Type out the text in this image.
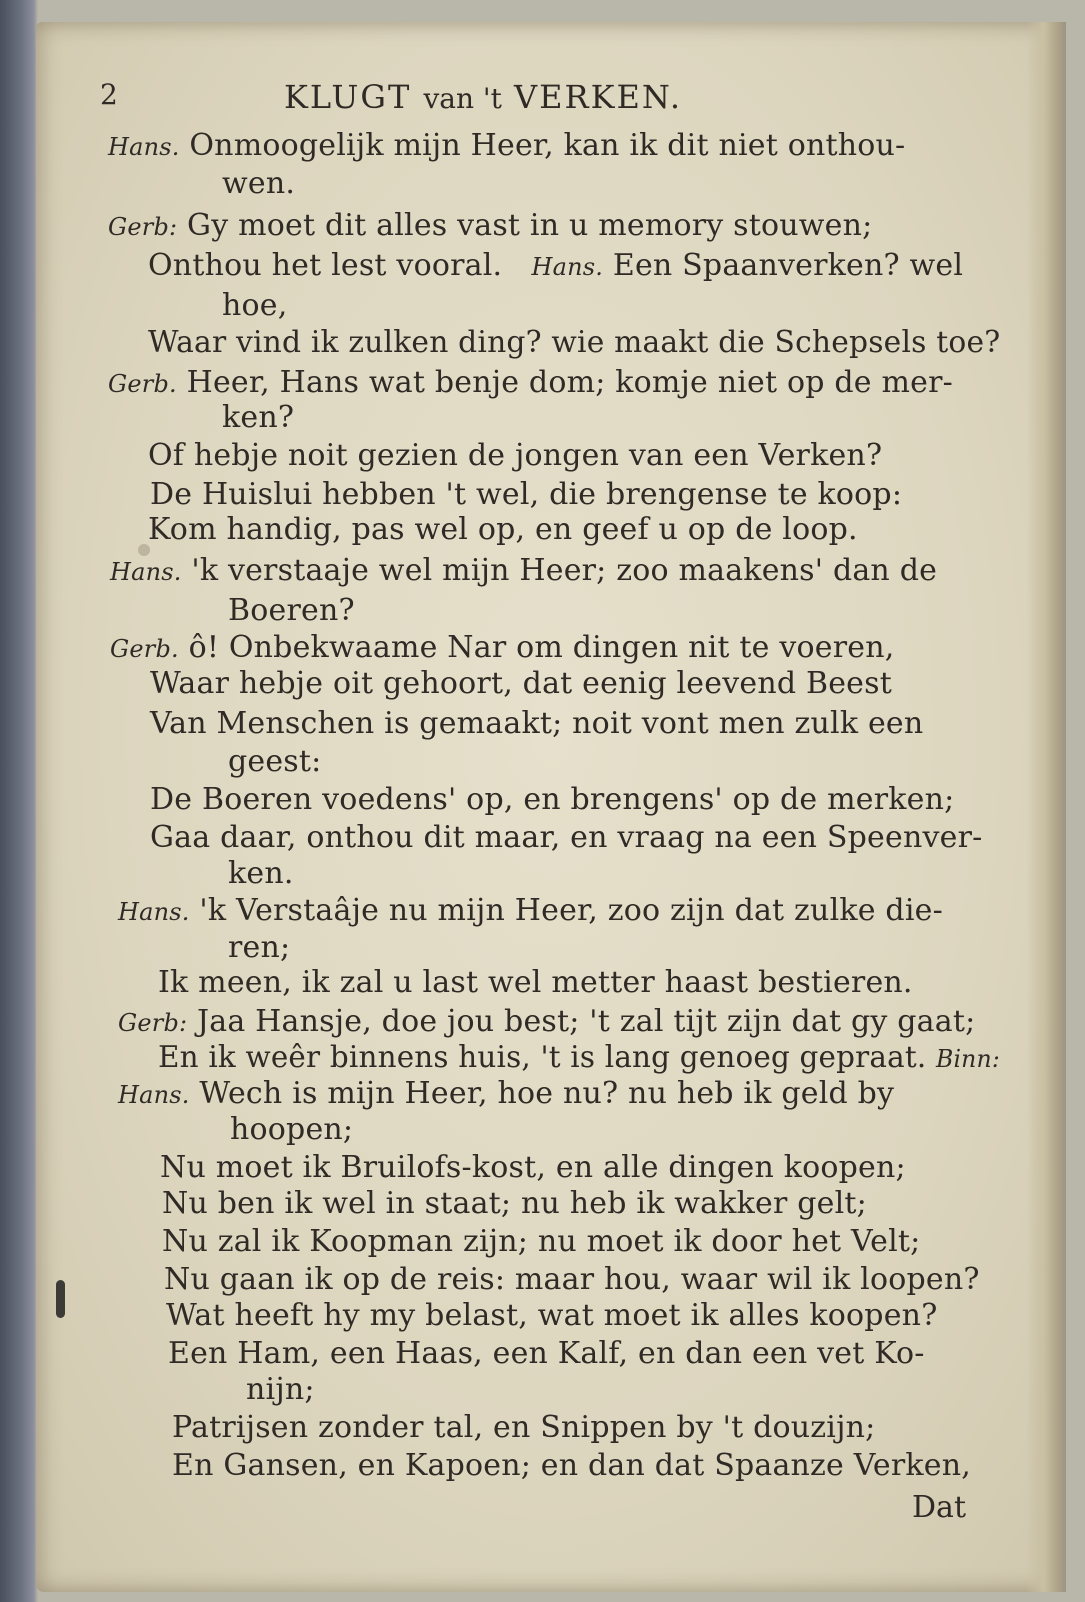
2	KLUGT van 't VERKEN.
Hans. Onmoogelijk mijn Heer, kan ik dit niet onthou-
wen.
Gerb: Gy moet dit alles vast in u memory stouwen;
Onthou het lest vooral. Hans. Een Spaanverken? wel
hoe,
Waar vind ik zulken ding? wie maakt die Schepsels toe?
Gerb. Heer, Hans wat benje dom; komje niet op de mer-
ken?
Of hebje noit gezien de jongen van een Verken?
De Huislui hebben 't wel, die brengense te koop:
Kom handig, pas wel op, en geef u op de loop.
Hans. 'k verstaaje wel mijn Heer; zoo maakens' dan de
Boeren?
Gerb. ô! Onbekwaame Nar om dingen nit te voeren,
Waar hebje oit gehoort, dat eenig leevend Beest
Van Menschen is gemaakt; noit vont men zulk een
geest:
De Boeren voedens' op, en brengens' op de merken;
Gaa daar, onthou dit maar, en vraag na een Speenver-
ken.
Hans. 'k Verstaâje nu mijn Heer, zoo zijn dat zulke die-
ren;
Ik meen, ik zal u last wel metter haast bestieren.
Gerb: Jaa Hansje, doe jou best; 't zal tijt zijn dat gy gaat;
En ik weêr binnens huis, 't is lang genoeg gepraat. Binn:
Hans. Wech is mijn Heer, hoe nu? nu heb ik geld by
hoopen;
Nu moet ik Bruilofs-kost, en alle dingen koopen;
Nu ben ik wel in staat; nu heb ik wakker gelt;
Nu zal ik Koopman zijn; nu moet ik door het Velt;
Nu gaan ik op de reis: maar hou, waar wil ik loopen?
Wat heeft hy my belast, wat moet ik alles koopen?
Een Ham, een Haas, een Kalf, en dan een vet Ko-
nijn;
Patrijsen zonder tal, en Snippen by 't douzijn;
En Gansen, en Kapoen; en dan dat Spaanze Verken,
Dat
